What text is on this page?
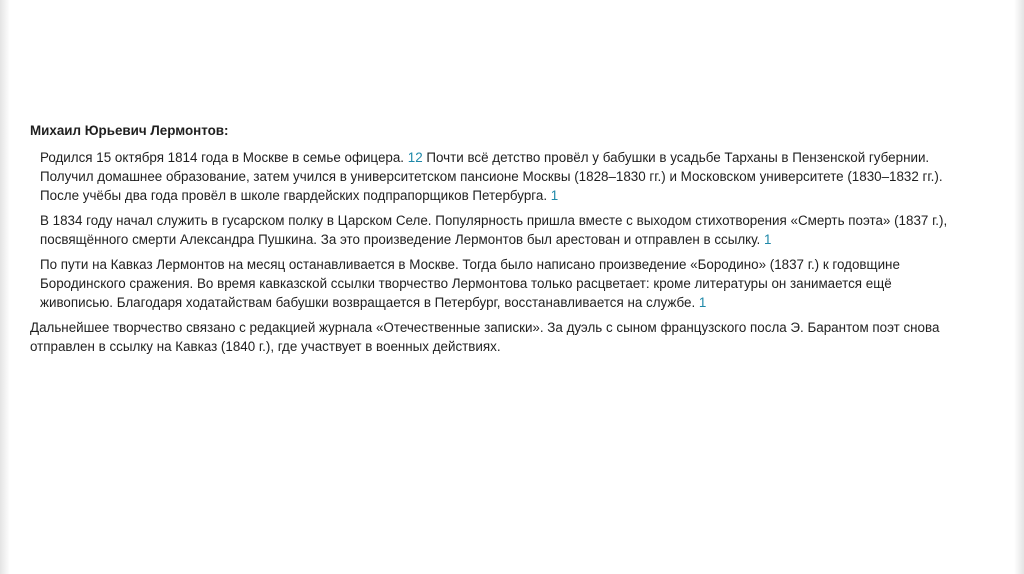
Михаил Юрьевич Лермонтов:

Родился 15 октября 1814 года в Москве в семье офицера. 12 Почти всё детство провёл у бабушки в усадьбе Тарханы в Пензенской губернии. Получил домашнее образование, затем учился в университетском пансионе Москвы (1828–1830 гг.) и Московском университете (1830–1832 гг.). После учёбы два года провёл в школе гвардейских подпрапорщиков Петербурга. 1

В 1834 году начал служить в гусарском полку в Царском Селе. Популярность пришла вместе с выходом стихотворения «Смерть поэта» (1837 г.), посвящённого смерти Александра Пушкина. За это произведение Лермонтов был арестован и отправлен в ссылку. 1

По пути на Кавказ Лермонтов на месяц останавливается в Москве. Тогда было написано произведение «Бородино» (1837 г.) к годовщине Бородинского сражения. Во время кавказской ссылки творчество Лермонтова только расцветает: кроме литературы он занимается ещё живописью. Благодаря ходатайствам бабушки возвращается в Петербург, восстанавливается на службе. 1

Дальнейшее творчество связано с редакцией журнала «Отечественные записки». За дуэль с сыном французского посла Э. Барантом поэт снова отправлен в ссылку на Кавказ (1840 г.), где участвует в военных действиях.
